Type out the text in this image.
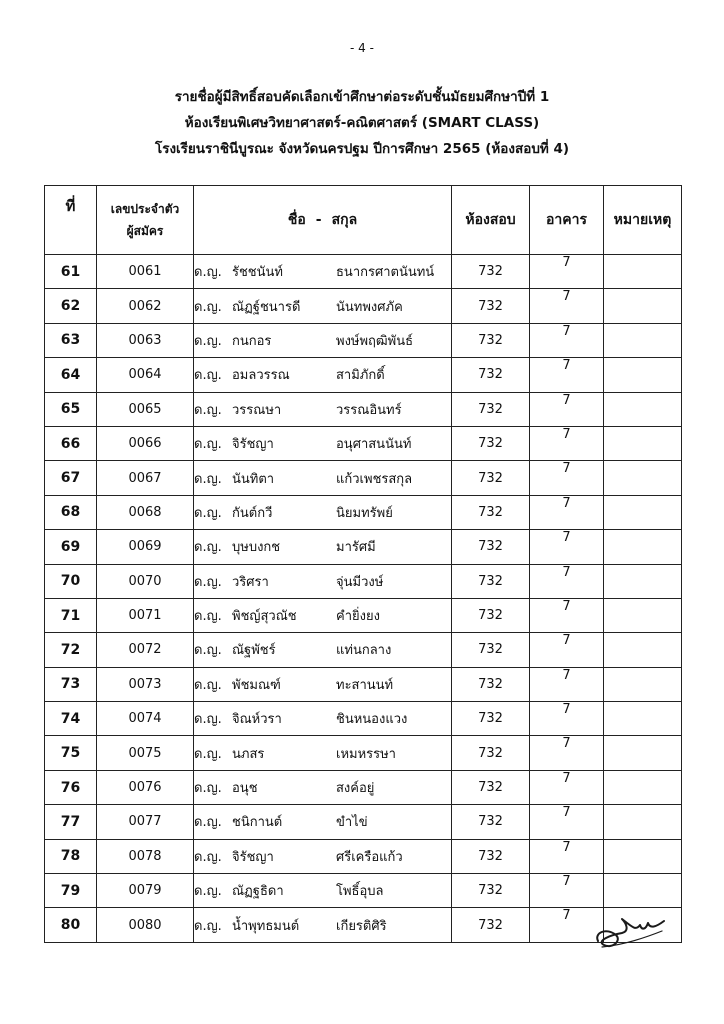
- 4 -
รายชื่อผู้มีสิทธิ์สอบคัดเลือกเข้าศึกษาต่อระดับชั้นมัธยมศึกษาปีที่ 1
ห้องเรียนพิเศษวิทยาศาสตร์-คณิตศาสตร์ (SMART CLASS)
โรงเรียนราชินีบูรณะ จังหวัดนครปฐม ปีการศึกษา 2565 (ห้องสอบที่ 4)
ที่	เลขประจำตัว
ผู้สมัคร	ชื่อ - สกุล	ห้องสอบ	อาคาร	หมายเหตุ
61	0061	ด.ญ. รัชชนันท์ ธนากรศาตนันทน์	732	7	
62	0062	ด.ญ. ณัฏฐ์ชนารดี นันทพงศภัค	732	7	
63	0063	ด.ญ. กนกอร พงษ์พฤฒิพันธ์	732	7	
64	0064	ด.ญ. อมลวรรณ สามิภักดิ์	732	7	
65	0065	ด.ญ. วรรณษา วรรณอินทร์	732	7	
66	0066	ด.ญ. จิรัชญา อนุศาสนนันท์	732	7	
67	0067	ด.ญ. นันทิตา แก้วเพชรสกุล	732	7	
68	0068	ด.ญ. กันต์กวี นิยมทรัพย์	732	7	
69	0069	ด.ญ. บุษบงกช มารัศมี	732	7	
70	0070	ด.ญ. วริศรา จุ่นมีวงษ์	732	7	
71	0071	ด.ญ. พิชญ์สุวณัช คำยิ่งยง	732	7	
72	0072	ด.ญ. ณัฐพัชร์ แท่นกลาง	732	7	
73	0073	ด.ญ. พัชมณฑ์ ทะสานนท์	732	7	
74	0074	ด.ญ. จิณห์วรา ชินหนองแวง	732	7	
75	0075	ด.ญ. นภสร เหมหรรษา	732	7	
76	0076	ด.ญ. อนุช สงค์อยู่	732	7	
77	0077	ด.ญ. ชนิกานต์ ขำไข่	732	7	
78	0078	ด.ญ. จิรัชญา ศรีเครือแก้ว	732	7	
79	0079	ด.ญ. ณัฏฐธิดา โพธิ์อุบล	732	7	
80	0080	ด.ญ. น้ำพุทธมนต์ เกียรติศิริ	732	7	
